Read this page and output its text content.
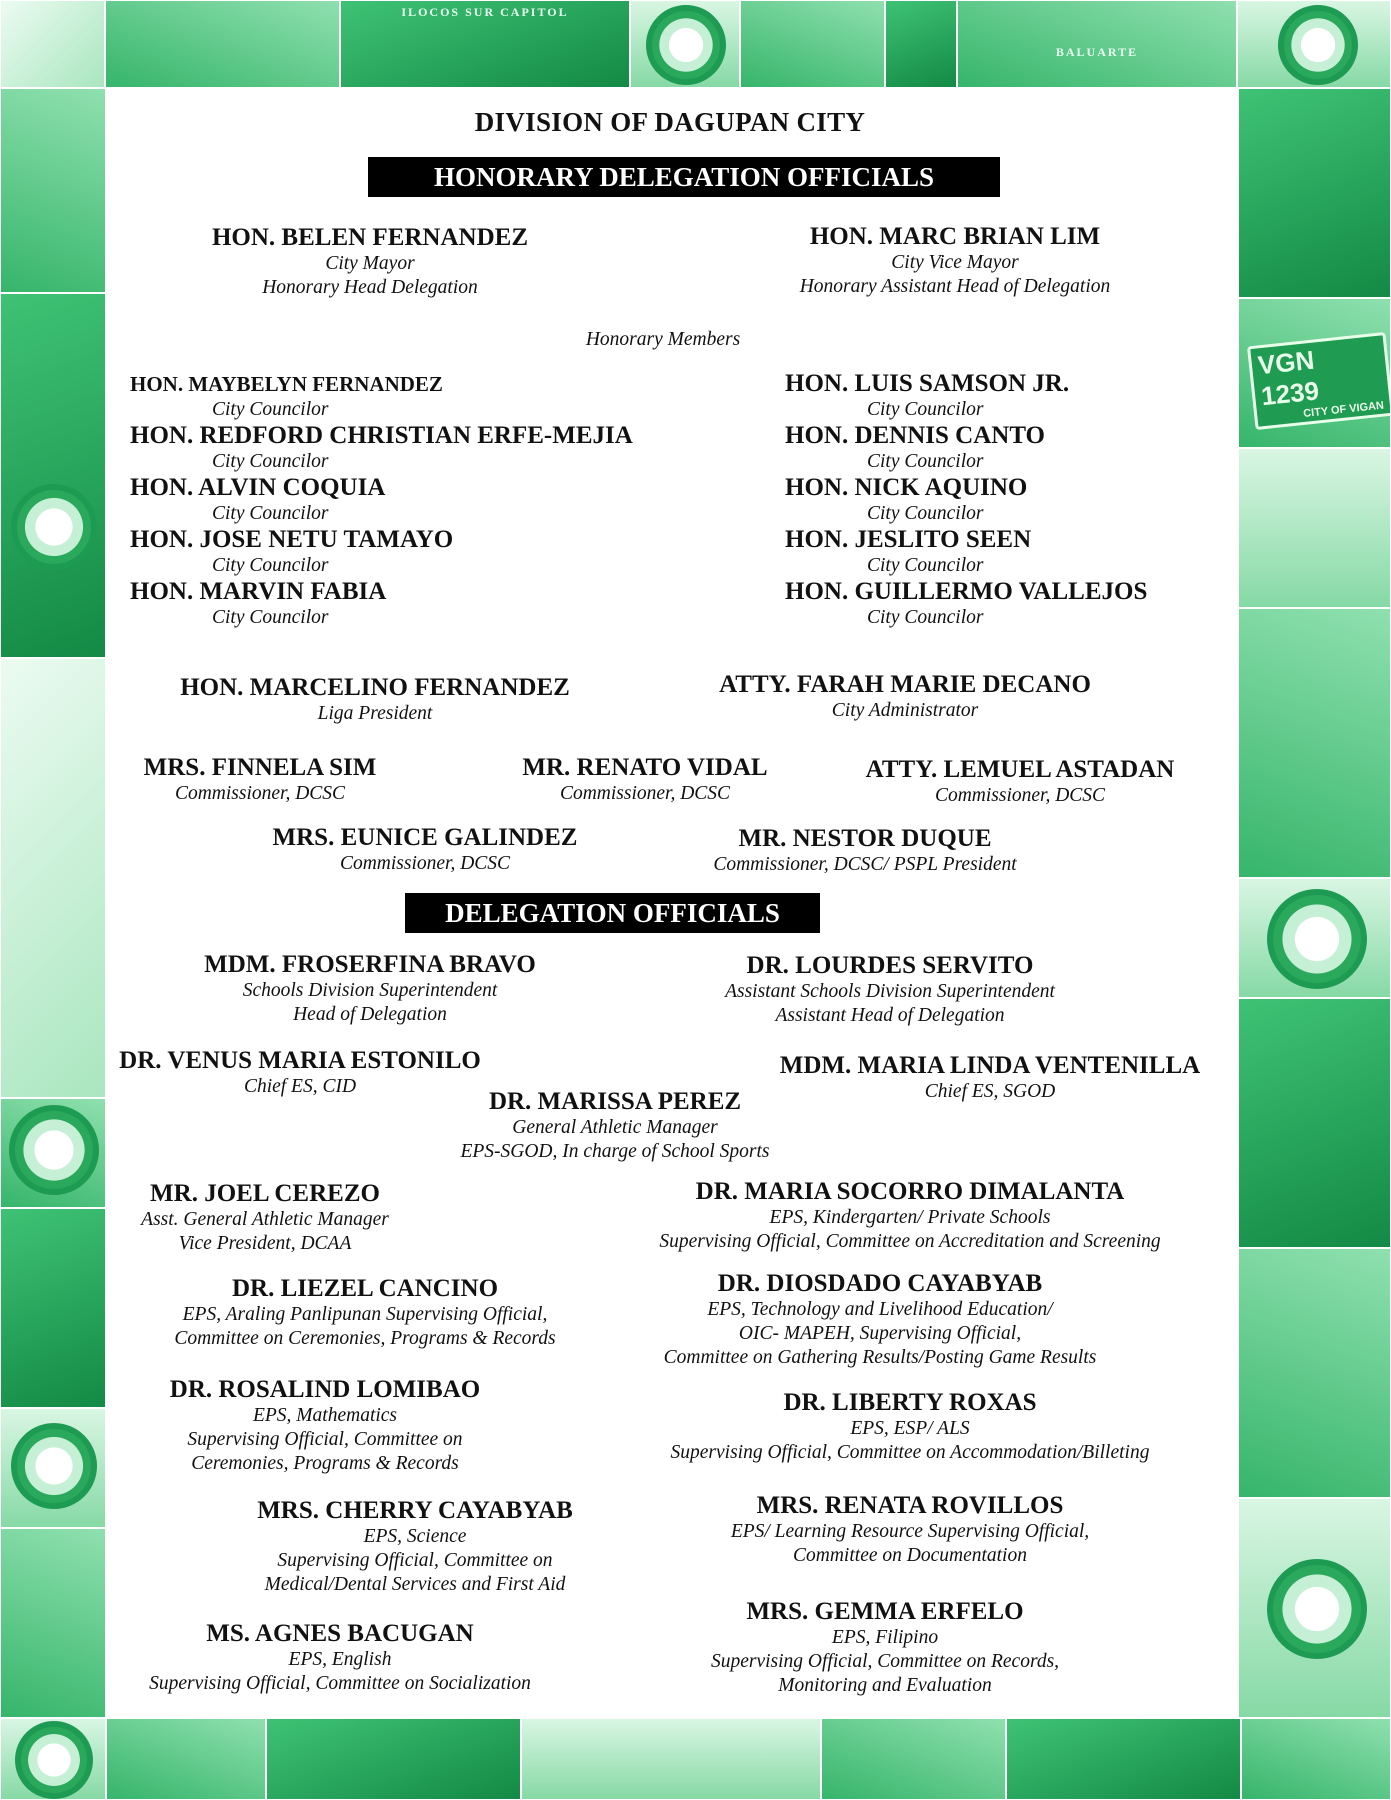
ILOCOS SUR CAPITOL
BALUARTE
VGN 1239
CITY OF VIGAN
DIVISION OF DAGUPAN CITY
HONORARY DELEGATION OFFICIALS
HON. BELEN FERNANDEZ
City Mayor
Honorary Head Delegation
HON. MARC BRIAN LIM
City Vice Mayor
Honorary Assistant Head of Delegation
Honorary Members
HON. MAYBELYN FERNANDEZ
City Councilor
HON. REDFORD CHRISTIAN ERFE-MEJIA
City Councilor
HON. ALVIN COQUIA
City Councilor
HON. JOSE NETU TAMAYO
City Councilor
HON. MARVIN FABIA
City Councilor
HON. LUIS SAMSON JR.
City Councilor
HON. DENNIS CANTO
City Councilor
HON. NICK AQUINO
City Councilor
HON. JESLITO SEEN
City Councilor
HON. GUILLERMO VALLEJOS
City Councilor
HON. MARCELINO FERNANDEZ
Liga President
ATTY. FARAH MARIE DECANO
City Administrator
MRS. FINNELA SIM
Commissioner, DCSC
MR. RENATO VIDAL
Commissioner, DCSC
ATTY. LEMUEL ASTADAN
Commissioner, DCSC
MRS. EUNICE GALINDEZ
Commissioner, DCSC
MR. NESTOR DUQUE
Commissioner, DCSC/ PSPL President
DELEGATION OFFICIALS
MDM. FROSERFINA BRAVO
Schools Division Superintendent
Head of Delegation
DR. LOURDES SERVITO
Assistant Schools Division Superintendent
Assistant Head of Delegation
DR. VENUS MARIA ESTONILO
Chief ES, CID
MDM. MARIA LINDA VENTENILLA
Chief ES, SGOD
DR. MARISSA PEREZ
General Athletic Manager
EPS-SGOD, In charge of School Sports
MR. JOEL CEREZO
Asst. General Athletic Manager
Vice President, DCAA
DR. MARIA SOCORRO DIMALANTA
EPS, Kindergarten/ Private Schools
Supervising Official, Committee on Accreditation and Screening
DR. LIEZEL CANCINO
EPS, Araling Panlipunan Supervising Official,
Committee on Ceremonies, Programs & Records
DR. DIOSDADO CAYABYAB
EPS, Technology and Livelihood Education/
OIC- MAPEH, Supervising Official,
Committee on Gathering Results/Posting Game Results
DR. ROSALIND LOMIBAO
EPS, Mathematics
Supervising Official, Committee on
Ceremonies, Programs & Records
DR. LIBERTY ROXAS
EPS, ESP/ ALS
Supervising Official, Committee on Accommodation/Billeting
MRS. CHERRY CAYABYAB
EPS, Science
Supervising Official, Committee on
Medical/Dental Services and First Aid
MRS. RENATA ROVILLOS
EPS/ Learning Resource Supervising Official,
Committee on Documentation
MS. AGNES BACUGAN
EPS, English
Supervising Official, Committee on Socialization
MRS. GEMMA ERFELO
EPS, Filipino
Supervising Official, Committee on Records,
Monitoring and Evaluation
